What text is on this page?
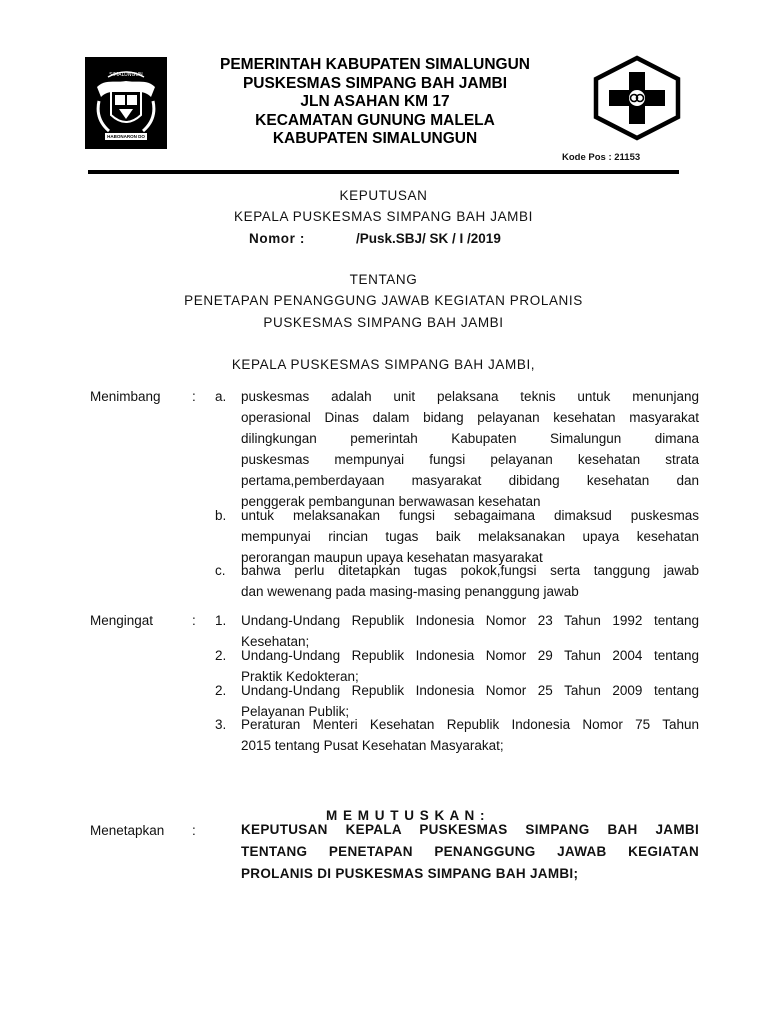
SIMALUNGUN
HABONARON DO
PEMERINTAH KABUPATEN SIMALUNGUN
PUSKESMAS SIMPANG BAH JAMBI
JLN ASAHAN KM 17
KECAMATAN GUNUNG MALELA
KABUPATEN SIMALUNGUN
Kode Pos : 21153
KEPUTUSAN
KEPALA PUSKESMAS SIMPANG BAH JAMBI
Nomor :	/Pusk.SBJ/ SK / I /2019
TENTANG
PENETAPAN PENANGGUNG JAWAB KEGIATAN PROLANIS
PUSKESMAS SIMPANG BAH JAMBI
KEPALA PUSKESMAS SIMPANG BAH JAMBI,
Menimbang : a. puskesmas adalah unit pelaksana teknis untuk menunjang
operasional Dinas dalam bidang pelayanan kesehatan masyarakat
dilingkungan pemerintah Kabupaten Simalungun dimana
puskesmas mempunyai fungsi pelayanan kesehatan strata
pertama,pemberdayaan masyarakat dibidang kesehatan dan
penggerak pembangunan berwawasan kesehatan
b. untuk melaksanakan fungsi sebagaimana dimaksud puskesmas
mempunyai rincian tugas baik melaksanakan upaya kesehatan
perorangan maupun upaya kesehatan masyarakat
c. bahwa perlu ditetapkan tugas pokok,fungsi serta tanggung jawab
dan wewenang pada masing-masing penanggung jawab
Mengingat	: 1. Undang-Undang Republik Indonesia Nomor 23 Tahun 1992 tentang
Kesehatan;
2. Undang-Undang Republik Indonesia Nomor 29 Tahun 2004 tentang
Praktik Kedokteran;
2. Undang-Undang Republik Indonesia Nomor 25 Tahun 2009 tentang
Pelayanan Publik;
3. Peraturan Menteri Kesehatan Republik Indonesia Nomor 75 Tahun
2015 tentang Pusat Kesehatan Masyarakat;
M E M U T U S K A N :
Menetapkan :	KEPUTUSAN KEPALA PUSKESMAS SIMPANG BAH JAMBI
TENTANG PENETAPAN PENANGGUNG JAWAB KEGIATAN
PROLANIS DI PUSKESMAS SIMPANG BAH JAMBI;
